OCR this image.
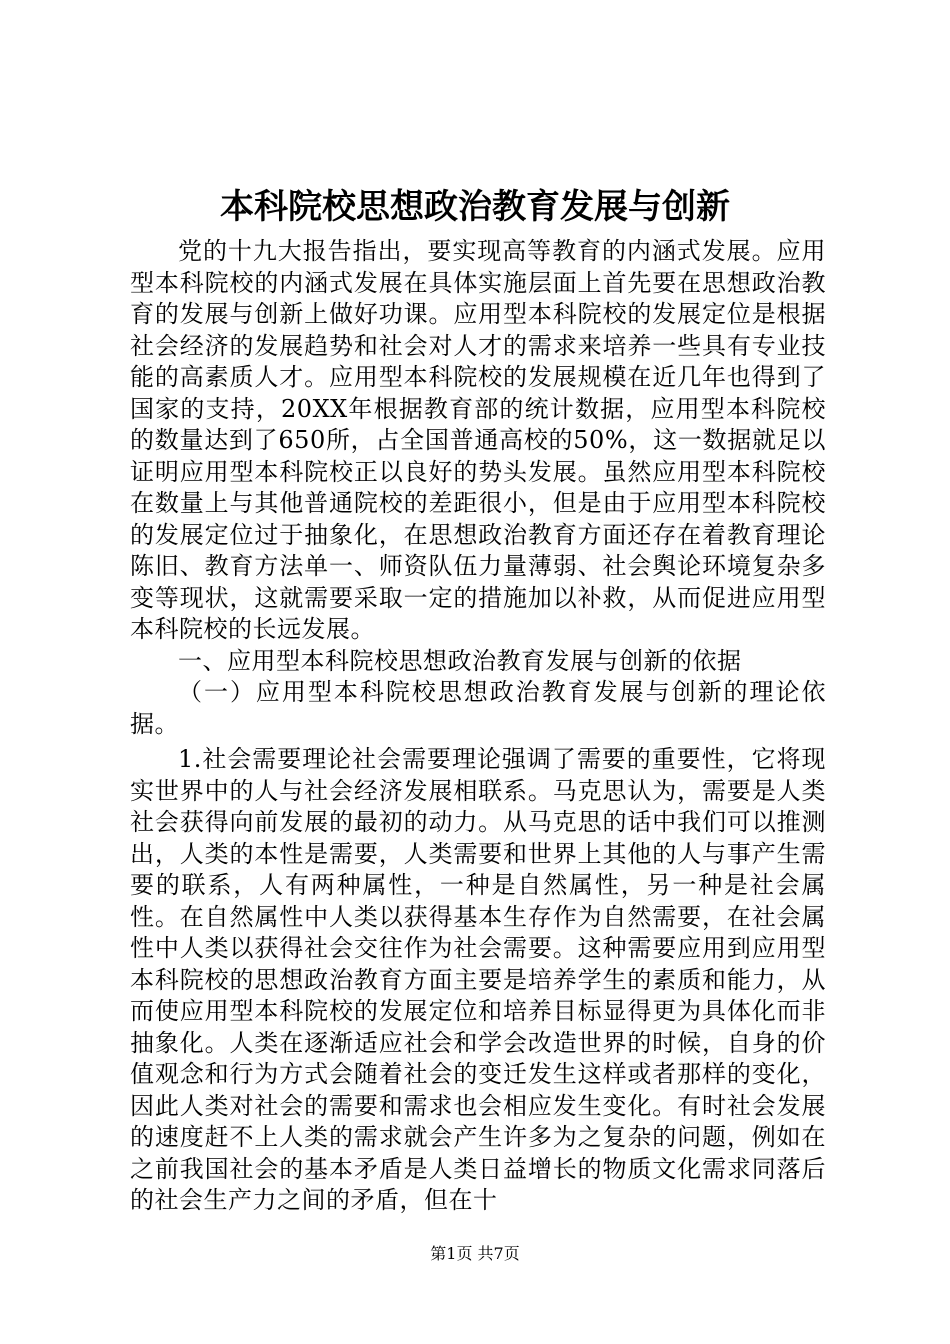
本科院校思想政治教育发展与创新

党的十九大报告指出，要实现高等教育的内涵式发展。应用型本科院校的内涵式发展在具体实施层面上首先要在思想政治教育的发展与创新上做好功课。应用型本科院校的发展定位是根据社会经济的发展趋势和社会对人才的需求来培养一些具有专业技能的高素质人才。应用型本科院校的发展规模在近几年也得到了国家的支持，20XX年根据教育部的统计数据，应用型本科院校的数量达到了650所，占全国普通高校的50%，这一数据就足以证明应用型本科院校正以良好的势头发展。虽然应用型本科院校在数量上与其他普通院校的差距很小，但是由于应用型本科院校的发展定位过于抽象化，在思想政治教育方面还存在着教育理论陈旧、教育方法单一、师资队伍力量薄弱、社会舆论环境复杂多变等现状，这就需要采取一定的措施加以补救，从而促进应用型本科院校的长远发展。

一、应用型本科院校思想政治教育发展与创新的依据

（一）应用型本科院校思想政治教育发展与创新的理论依据。

1.社会需要理论社会需要理论强调了需要的重要性，它将现实世界中的人与社会经济发展相联系。马克思认为，需要是人类社会获得向前发展的最初的动力。从马克思的话中我们可以推测出，人类的本性是需要，人类需要和世界上其他的人与事产生需要的联系，人有两种属性，一种是自然属性，另一种是社会属性。在自然属性中人类以获得基本生存作为自然需要，在社会属性中人类以获得社会交往作为社会需要。这种需要应用到应用型本科院校的思想政治教育方面主要是培养学生的素质和能力，从而使应用型本科院校的发展定位和培养目标显得更为具体化而非抽象化。人类在逐渐适应社会和学会改造世界的时候，自身的价值观念和行为方式会随着社会的变迁发生这样或者那样的变化，因此人类对社会的需要和需求也会相应发生变化。有时社会发展的速度赶不上人类的需求就会产生许多为之复杂的问题，例如在之前我国社会的基本矛盾是人类日益增长的物质文化需求同落后的社会生产力之间的矛盾，但在十

第1页 共7页
